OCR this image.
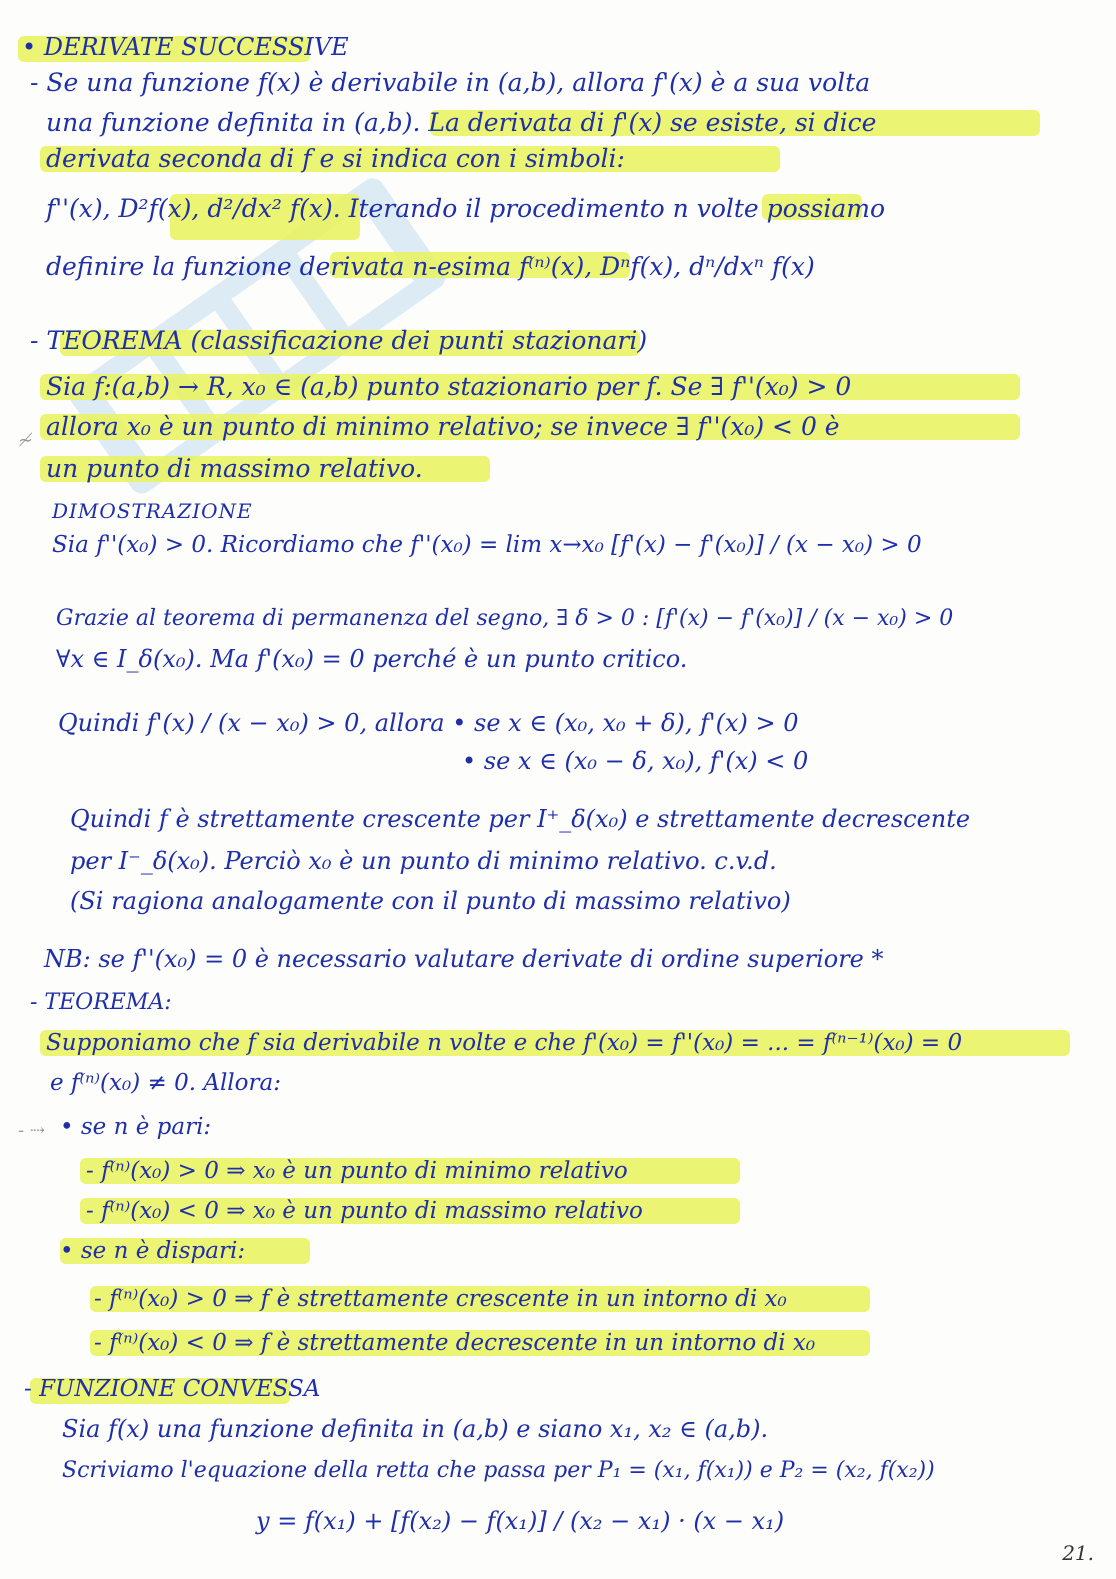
≁
- ⇢
• DERIVATE SUCCESSIVE
- Se una funzione f(x) è derivabile in (a,b), allora f'(x) è a sua volta
una funzione definita in (a,b). La derivata di f'(x) se esiste, si dice
derivata seconda di f e si indica con i simboli:
f''(x), D²f(x), d²/dx² f(x). Iterando il procedimento n volte possiamo
definire la funzione derivata n-esima f⁽ⁿ⁾(x), Dⁿf(x), dⁿ/dxⁿ f(x)
- TEOREMA (classificazione dei punti stazionari)
Sia f:(a,b) → R, x₀ ∈ (a,b) punto stazionario per f. Se ∃ f''(x₀) > 0
allora x₀ è un punto di minimo relativo; se invece ∃ f''(x₀) < 0 è
un punto di massimo relativo.
DIMOSTRAZIONE
Sia f''(x₀) > 0. Ricordiamo che f''(x₀) = lim x→x₀ [f'(x) − f'(x₀)] / (x − x₀) > 0
Grazie al teorema di permanenza del segno, ∃ δ > 0 : [f'(x) − f'(x₀)] / (x − x₀) > 0
∀x ∈ I_δ(x₀). Ma f'(x₀) = 0 perché è un punto critico.
Quindi f'(x) / (x − x₀) > 0, allora • se x ∈ (x₀, x₀ + δ), f'(x) > 0
• se x ∈ (x₀ − δ, x₀), f'(x) < 0
Quindi f è strettamente crescente per I⁺_δ(x₀) e strettamente decrescente
per I⁻_δ(x₀). Perciò x₀ è un punto di minimo relativo. c.v.d.
(Si ragiona analogamente con il punto di massimo relativo)
NB: se f''(x₀) = 0 è necessario valutare derivate di ordine superiore *
- TEOREMA:
Supponiamo che f sia derivabile n volte e che f'(x₀) = f''(x₀) = ... = f⁽ⁿ⁻¹⁾(x₀) = 0
e f⁽ⁿ⁾(x₀) ≠ 0. Allora:
• se n è pari:
- f⁽ⁿ⁾(x₀) > 0 ⇒ x₀ è un punto di minimo relativo
- f⁽ⁿ⁾(x₀) < 0 ⇒ x₀ è un punto di massimo relativo
• se n è dispari:
- f⁽ⁿ⁾(x₀) > 0 ⇒ f è strettamente crescente in un intorno di x₀
- f⁽ⁿ⁾(x₀) < 0 ⇒ f è strettamente decrescente in un intorno di x₀
- FUNZIONE CONVESSA
Sia f(x) una funzione definita in (a,b) e siano x₁, x₂ ∈ (a,b).
Scriviamo l'equazione della retta che passa per P₁ = (x₁, f(x₁)) e P₂ = (x₂, f(x₂))
y = f(x₁) + [f(x₂) − f(x₁)] / (x₂ − x₁) · (x − x₁)
21.
